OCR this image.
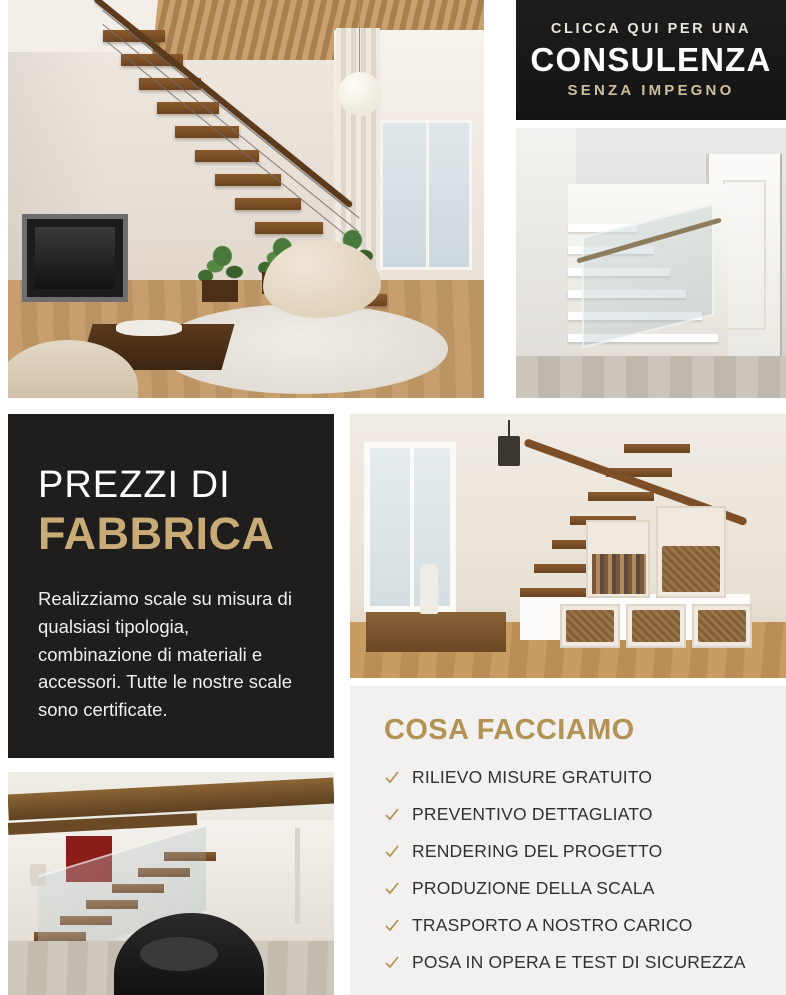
CLICCA QUI PER UNA
CONSULENZA
SENZA IMPEGNO
PREZZI DI
FABBRICA

Realizziamo scale su misura di qualsiasi tipologia, combinazione di materiali e accessori. Tutte le nostre scale sono certificate.

COSA FACCIAMO
RILIEVO MISURE GRATUITO
PREVENTIVO DETTAGLIATO
RENDERING DEL PROGETTO
PRODUZIONE DELLA SCALA
TRASPORTO A NOSTRO CARICO
POSA IN OPERA E TEST DI SICUREZZA
